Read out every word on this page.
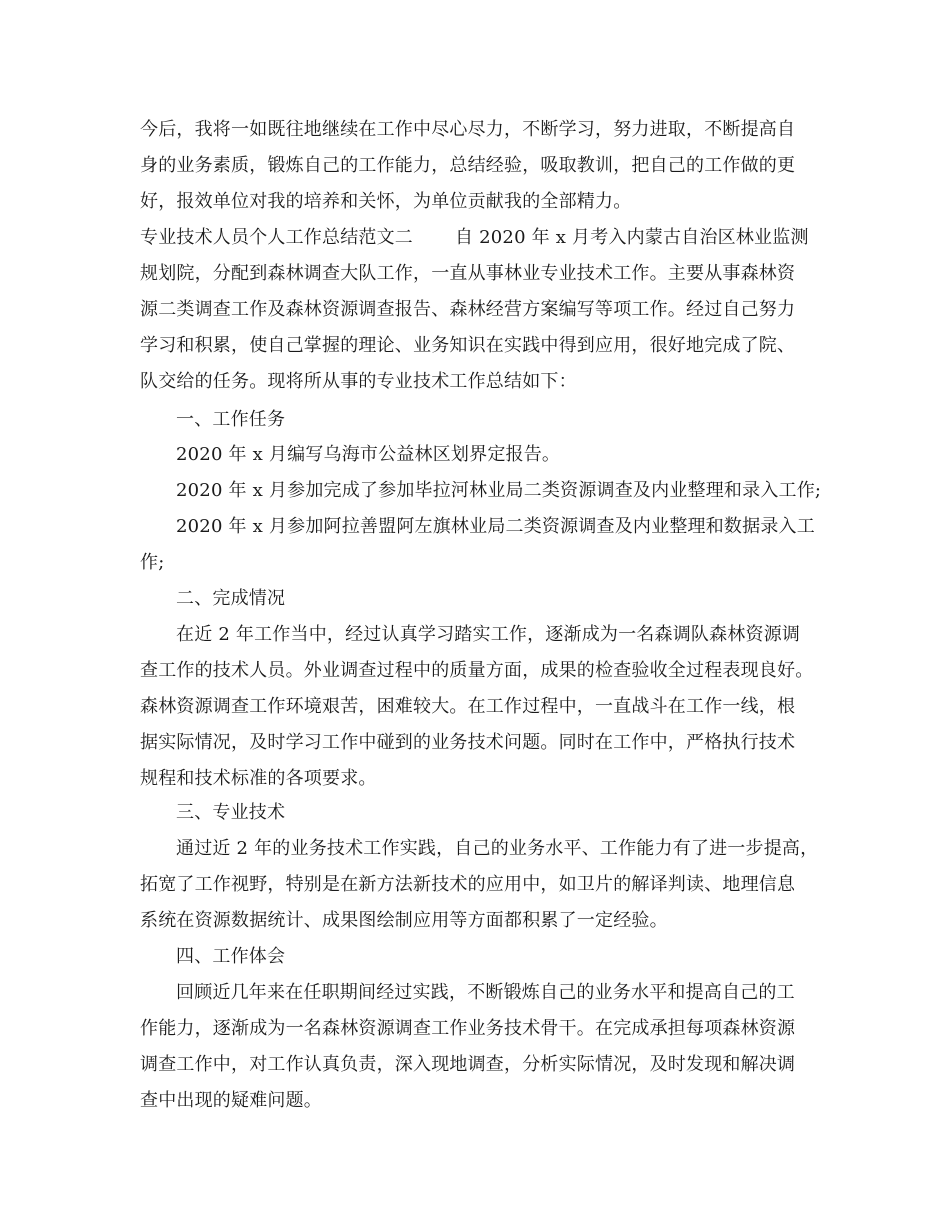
今后，我将一如既往地继续在工作中尽心尽力，不断学习，努力进取，不断提高自
身的业务素质，锻炼自己的工作能力，总结经验，吸取教训，把自己的工作做的更
好，报效单位对我的培养和关怀，为单位贡献我的全部精力。
专业技术人员个人工作总结范文二 自 2020 年 x 月考入内蒙古自治区林业监测
规划院，分配到森林调查大队工作，一直从事林业专业技术工作。主要从事森林资
源二类调查工作及森林资源调查报告、森林经营方案编写等项工作。经过自己努力
学习和积累，使自己掌握的理论、业务知识在实践中得到应用，很好地完成了院、
队交给的任务。现将所从事的专业技术工作总结如下：
一、工作任务
2020 年 x 月编写乌海市公益林区划界定报告。
2020 年 x 月参加完成了参加毕拉河林业局二类资源调查及内业整理和录入工作;
2020 年 x 月参加阿拉善盟阿左旗林业局二类资源调查及内业整理和数据录入工
作;
二、完成情况
在近 2 年工作当中，经过认真学习踏实工作，逐渐成为一名森调队森林资源调
查工作的技术人员。外业调查过程中的质量方面，成果的检查验收全过程表现良好。
森林资源调查工作环境艰苦，困难较大。在工作过程中，一直战斗在工作一线，根
据实际情况，及时学习工作中碰到的业务技术问题。同时在工作中，严格执行技术
规程和技术标准的各项要求。
三、专业技术
通过近 2 年的业务技术工作实践，自己的业务水平、工作能力有了进一步提高，
拓宽了工作视野，特别是在新方法新技术的应用中，如卫片的解译判读、地理信息
系统在资源数据统计、成果图绘制应用等方面都积累了一定经验。
四、工作体会
回顾近几年来在任职期间经过实践，不断锻炼自己的业务水平和提高自己的工
作能力，逐渐成为一名森林资源调查工作业务技术骨干。在完成承担每项森林资源
调查工作中，对工作认真负责，深入现地调查，分析实际情况，及时发现和解决调
查中出现的疑难问题。
